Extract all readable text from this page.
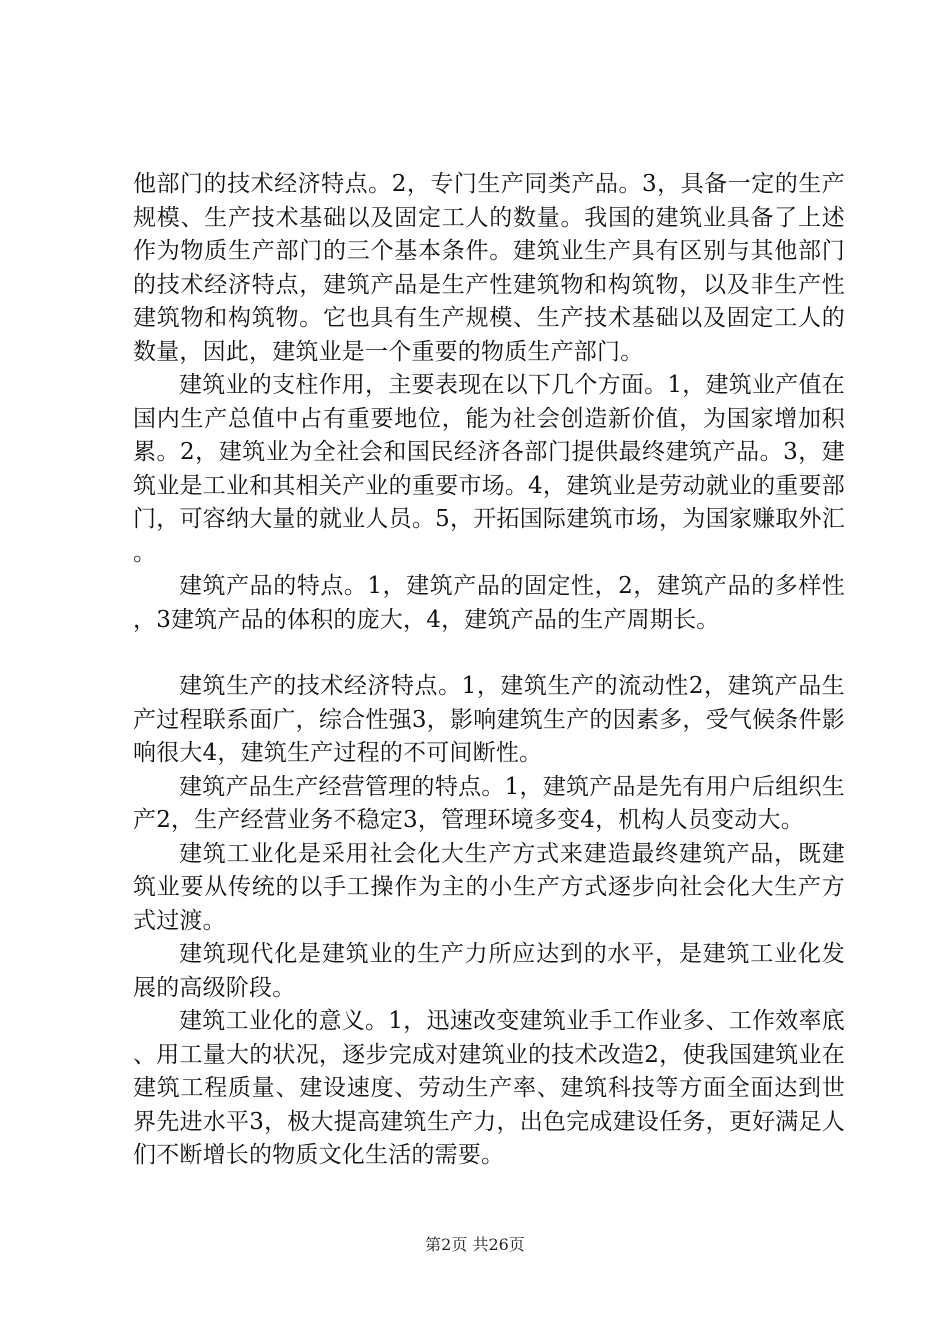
他部门的技术经济特点。2，专门生产同类产品。3，具备一定的生产规模、生产技术基础以及固定工人的数量。我国的建筑业具备了上述作为物质生产部门的三个基本条件。建筑业生产具有区别与其他部门的技术经济特点，建筑产品是生产性建筑物和构筑物，以及非生产性建筑物和构筑物。它也具有生产规模、生产技术基础以及固定工人的数量，因此，建筑业是一个重要的物质生产部门。

建筑业的支柱作用，主要表现在以下几个方面。1，建筑业产值在国内生产总值中占有重要地位，能为社会创造新价值，为国家增加积累。2，建筑业为全社会和国民经济各部门提供最终建筑产品。3，建筑业是工业和其相关产业的重要市场。4，建筑业是劳动就业的重要部门，可容纳大量的就业人员。5，开拓国际建筑市场，为国家赚取外汇。

建筑产品的特点。1，建筑产品的固定性，2，建筑产品的多样性，3建筑产品的体积的庞大，4，建筑产品的生产周期长。

建筑生产的技术经济特点。1，建筑生产的流动性2，建筑产品生产过程联系面广，综合性强3，影响建筑生产的因素多，受气候条件影响很大4，建筑生产过程的不可间断性。

建筑产品生产经营管理的特点。1，建筑产品是先有用户后组织生产2，生产经营业务不稳定3，管理环境多变4，机构人员变动大。

建筑工业化是采用社会化大生产方式来建造最终建筑产品，既建筑业要从传统的以手工操作为主的小生产方式逐步向社会化大生产方式过渡。

建筑现代化是建筑业的生产力所应达到的水平，是建筑工业化发展的高级阶段。

建筑工业化的意义。1，迅速改变建筑业手工作业多、工作效率底、用工量大的状况，逐步完成对建筑业的技术改造2，使我国建筑业在建筑工程质量、建设速度、劳动生产率、建筑科技等方面全面达到世界先进水平3，极大提高建筑生产力，出色完成建设任务，更好满足人们不断增长的物质文化生活的需要。

第2页 共26页
